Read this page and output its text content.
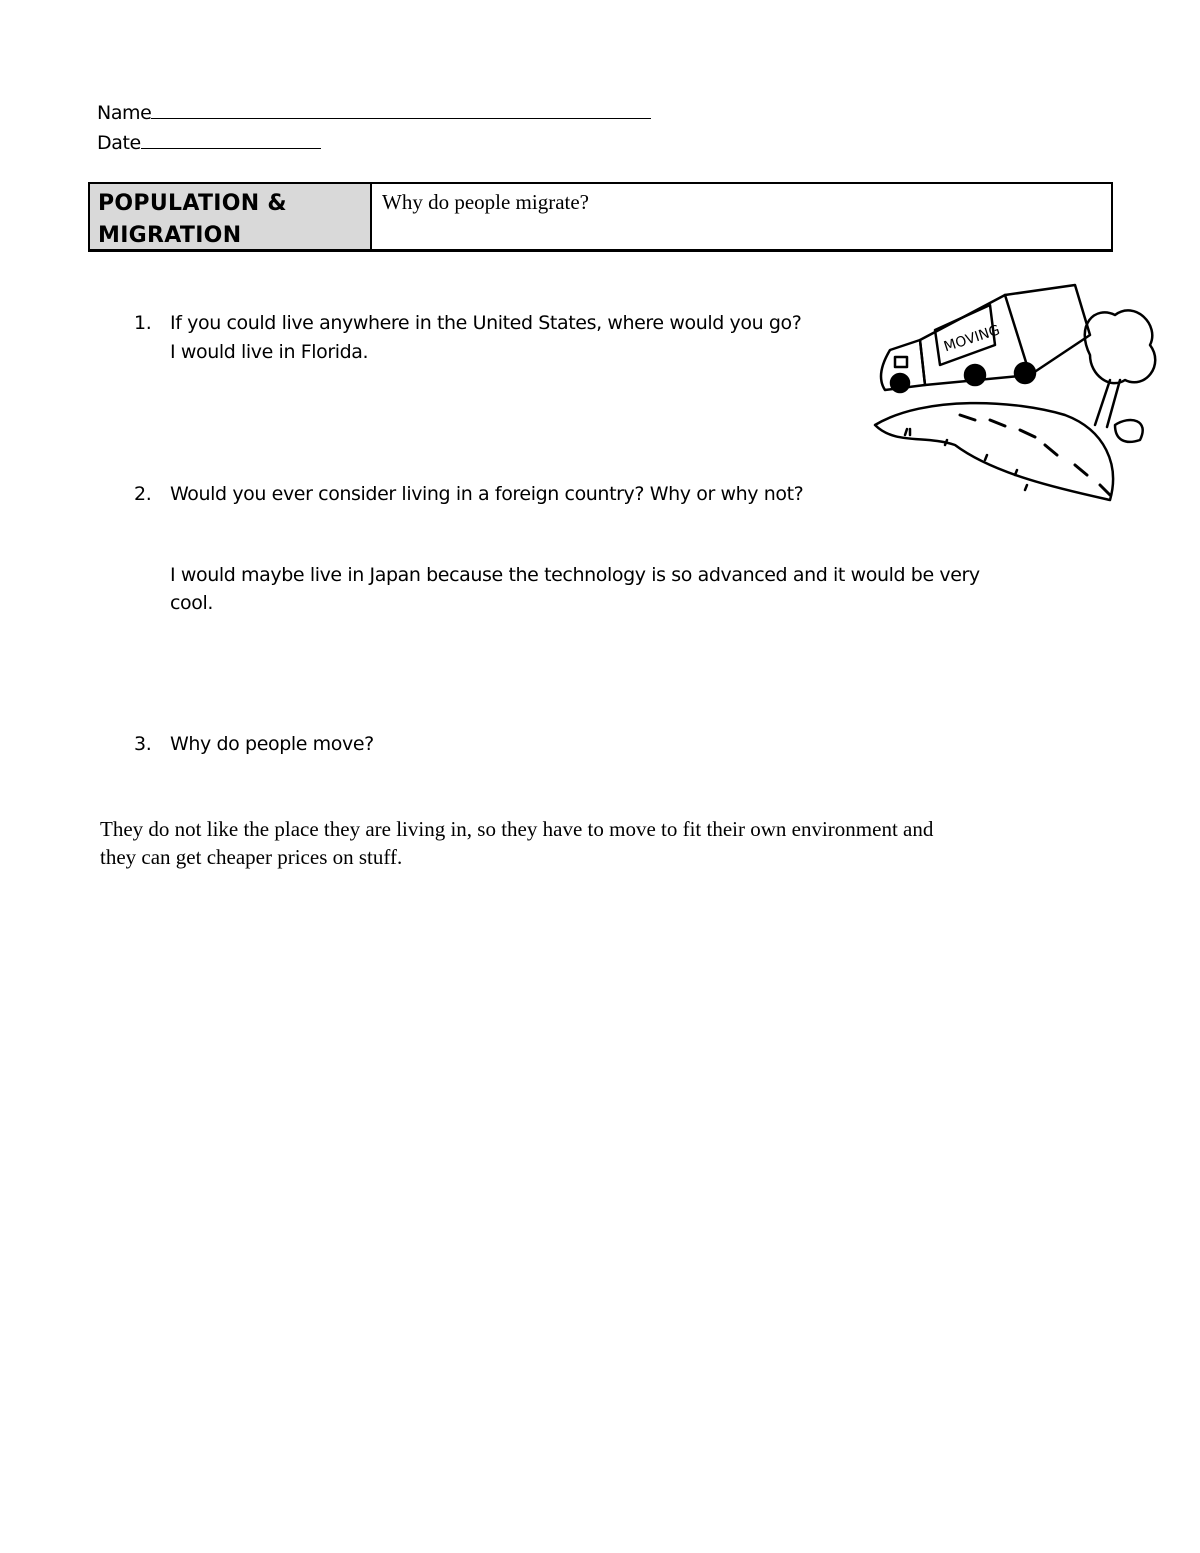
Name
Date
POPULATION &
MIGRATION
Why do people migrate?
1. If you could live anywhere in the United States, where would you go?
I would live in Florida.
2. Would you ever consider living in a foreign country? Why or why not?
I would maybe live in Japan because the technology is so advanced and it would be very
cool.
3. Why do people move?
They do not like the place they are living in, so they have to move to fit their own environment and
they can get cheaper prices on stuff.
MOVING
